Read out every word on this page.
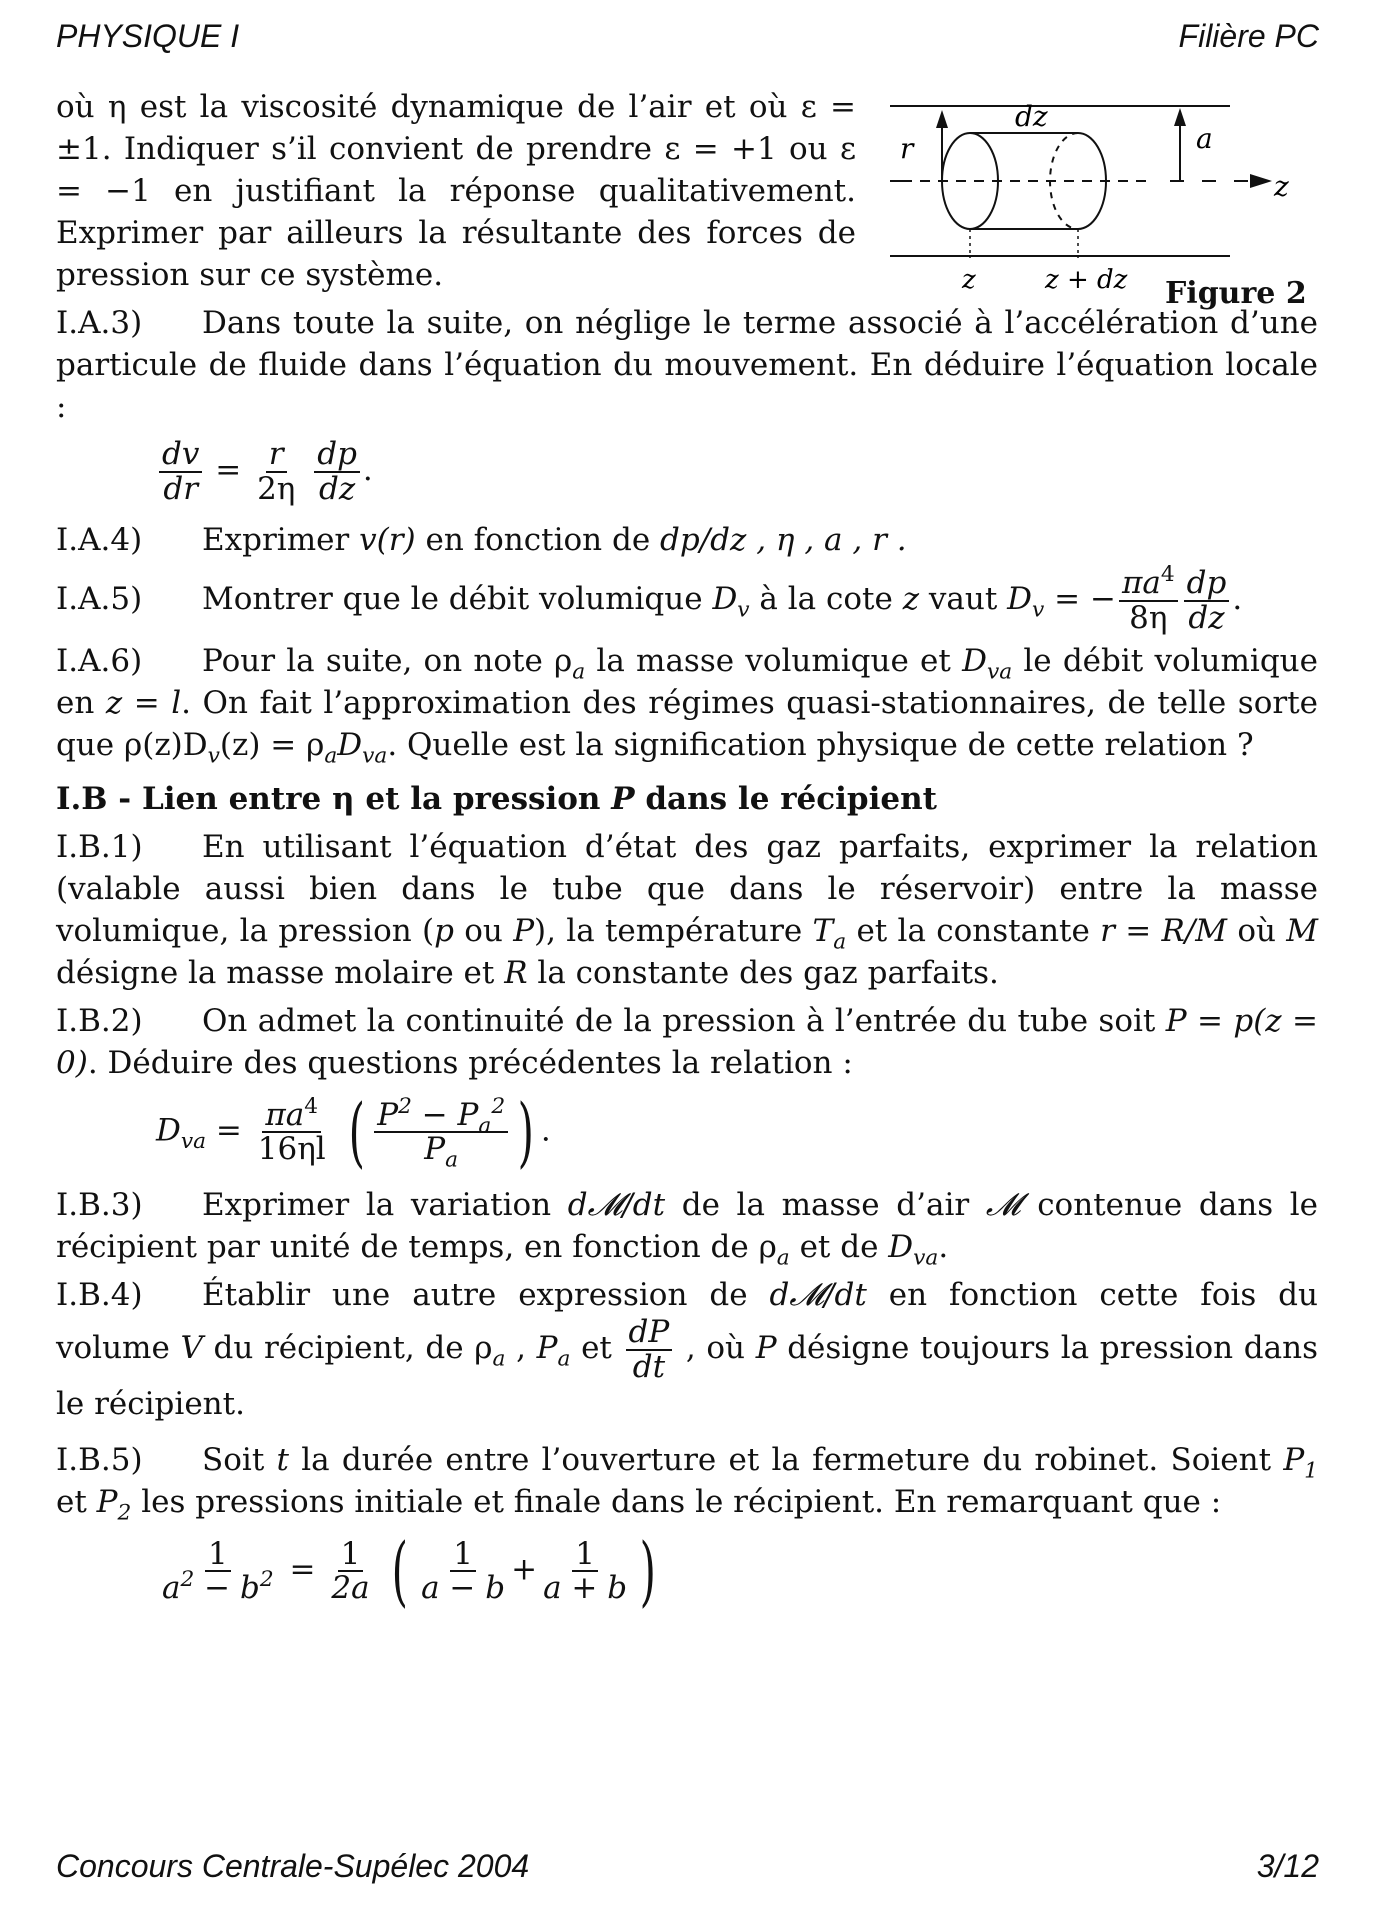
PHYSIQUE I	Filière PC
dz
r	a
z
z	z + dz Figure 2

où η est la viscosité dynamique de l’air et où ε = ±1. Indiquer s’il convient de prendre ε = +1 ou ε = −1 en justifiant la réponse qualitativement. Exprimer par ailleurs la résultante des forces de pression sur ce système.

I.A.3) Dans toute la suite, on néglige le terme associé à l’accélération d’une particule de fluide dans l’équation du mouvement. En déduire l’équation locale :

$\frac{dv}{dr} = \frac{r}{2\eta}$
$\frac{dp}{dz}$ .

I.A.4) Exprimer v(r) en fonction de dp/dz , η , a , r .

I.A.5) Montrer que le débit volumique $D_v$ à la cote z vaut $D_v$ = − $\frac{\pi a^4}{8\eta} \frac{dp}{dz}$ .

I.A.6) Pour la suite, on note $\rho_a$ la masse volumique et $D_{va}$ le débit volumique en z = l. On fait l’approximation des régimes quasi-stationnaires, de telle sorte que $\rho(z)D_v(z) = \rho_aD_{va}$. Quelle est la signification physique de cette relation ?

I.B - Lien entre η et la pression P dans le récipient

I.B.1) En utilisant l’équation d’état des gaz parfaits, exprimer la relation (valable aussi bien dans le tube que dans le réservoir) entre la masse volumique, la pression (p ou P), la température $T_a$ et la constante r = R/M où M désigne la masse molaire et R la constante des gaz parfaits.

I.B.2) On admet la continuité de la pression à l’entrée du tube soit P = p(z = 0). Déduire des questions précédentes la relation :

$D_{va} = \frac{\pi a^4}{16\eta l}$ ( $\frac{P^2 - P_a^2}{P_a}$ ) .

I.B.3) Exprimer la variation d𝓜/dt de la masse d’air 𝓜 contenue dans le récipient par unité de temps, en fonction de $\rho_a$ et de $D_{va}$.

I.B.4) Établir une autre expression de d𝓜/dt en fonction cette fois du volume V du récipient, de $\rho_a$ , $P_a$ et $\frac{dP}{dt}$ , où P désigne toujours la pression dans le récipient.

I.B.5) Soit t la durée entre l’ouverture et la fermeture du robinet. Soient $P_1$ et $P_2$ les pressions initiale et finale dans le récipient. En remarquant que :

$\frac{1}{a^2 - b^2} = \frac{1}{2a}$ ( $\frac{1}{a - b} + \frac{1}{a + b}$ )
Concours Centrale-Supélec 2004	3/12
